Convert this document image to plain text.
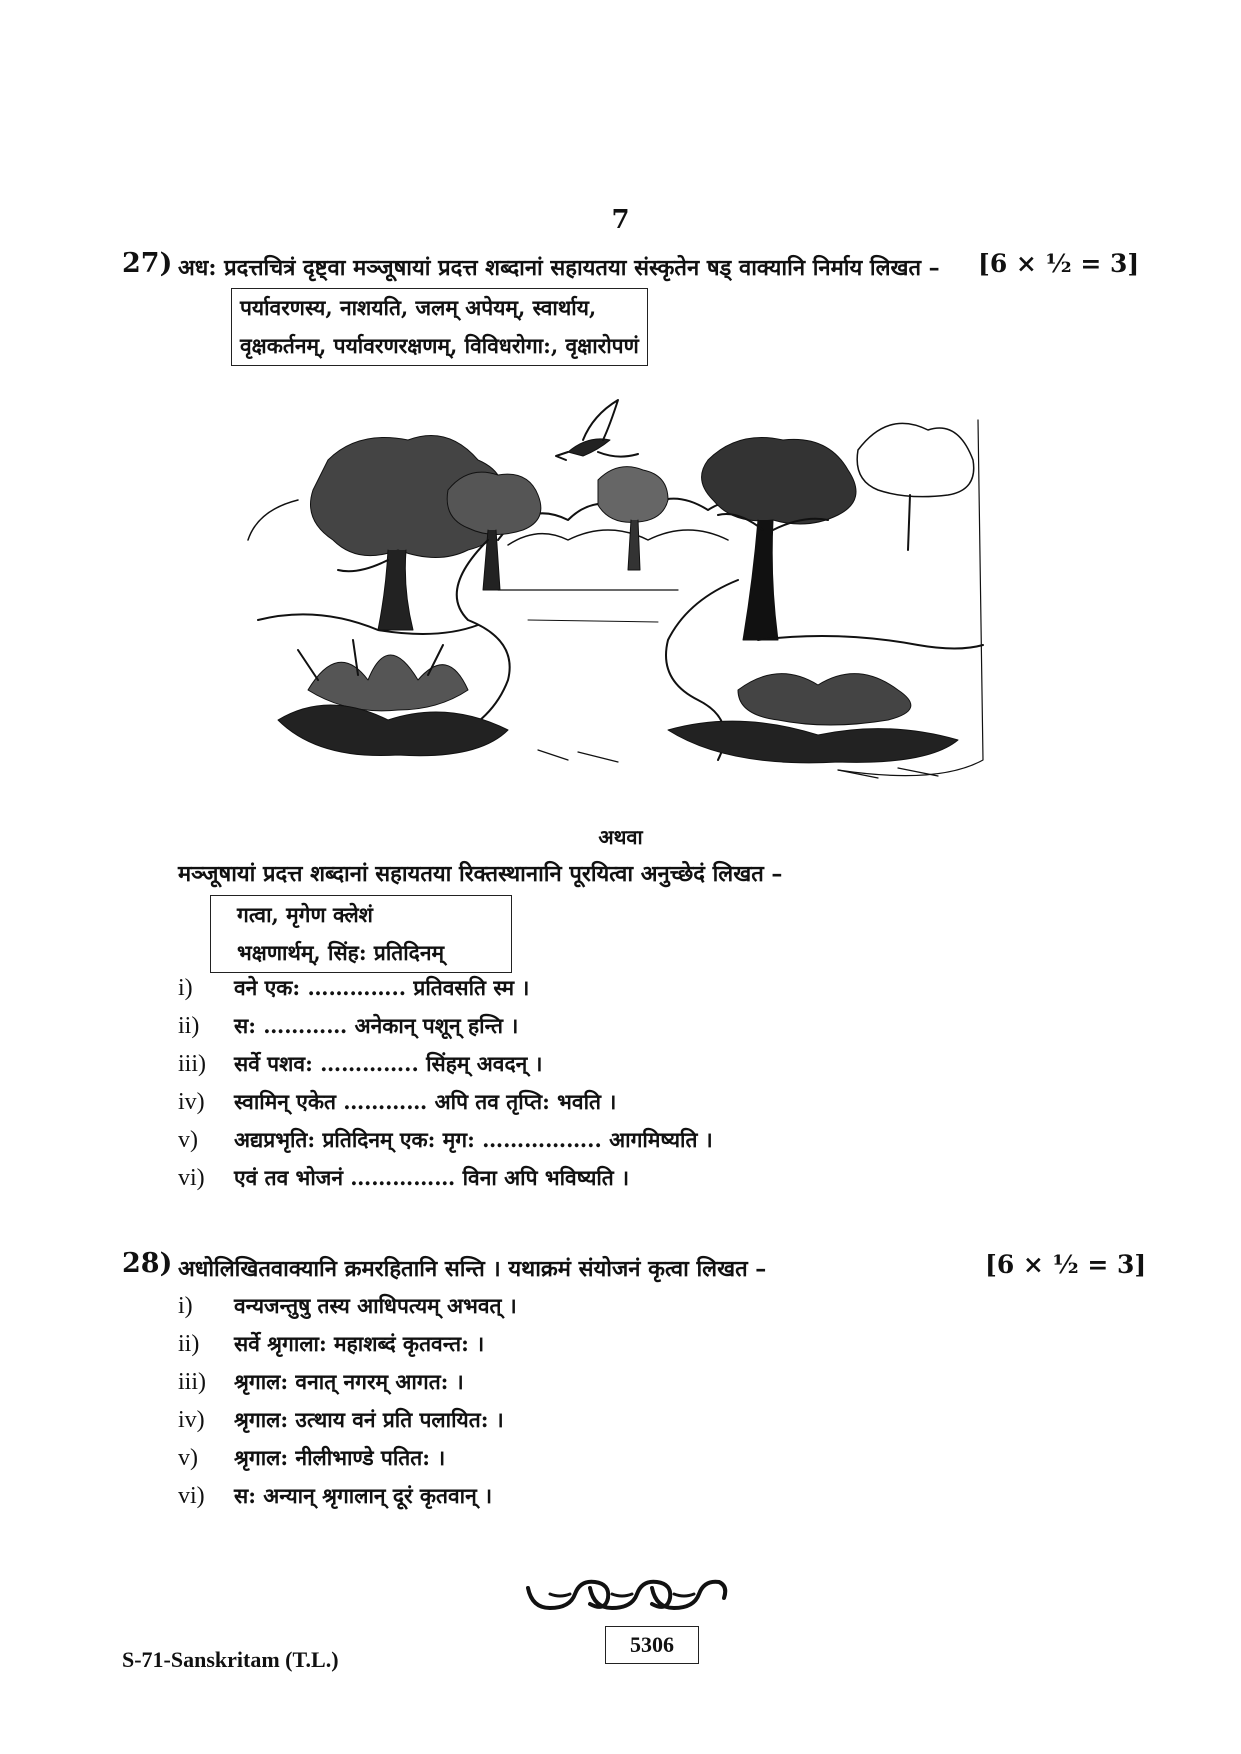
7
27) अध: प्रदत्तचित्रं दृष्ट्वा मञ्जूषायां प्रदत्त शब्दानां सहायतया संस्कृतेन षड् वाक्यानि निर्माय लिखत – [6 × ½ = 3]
पर्यावरणस्य, नाशयति, जलम् अपेयम्, स्वार्थाय,
वृक्षकर्तनम्, पर्यावरणरक्षणम्, विविधरोगा:, वृक्षारोपणं
अथवा
मञ्जूषायां प्रदत्त शब्दानां सहायतया रिक्तस्थानानि पूरयित्वा अनुच्छेदं लिखत –
गत्वा, मृगेण क्लेशं
भक्षणार्थम्, सिंह: प्रतिदिनम्
i) वने एक: ………….. प्रतिवसति स्म ।
ii) स: ………… अनेकान् पशून् हन्ति ।
iii) सर्वे पशव: ………….. सिंहम् अवदन् ।
iv) स्वामिन् एकेत ………… अपि तव तृप्ति: भवति ।
v) अद्यप्रभृति: प्रतिदिनम् एक: मृग: …………….. आगमिष्यति ।
vi) एवं तव भोजनं …………… विना अपि भविष्यति ।
28) अधोलिखितवाक्यानि क्रमरहितानि सन्ति । यथाक्रमं संयोजनं कृत्वा लिखत –	[6 × ½ = 3]
i) वन्यजन्तुषु तस्य आधिपत्यम् अभवत् ।
ii) सर्वे श्रृगाला: महाशब्दं कृतवन्त: ।
iii) श्रृगाल: वनात् नगरम् आगत: ।
iv) श्रृगाल: उत्थाय वनं प्रति पलायित: ।
v) श्रृगाल: नीलीभाण्डे पतित: ।
vi) स: अन्यान् श्रृगालान् दूरं कृतवान् ।
S-71-Sanskritam (T.L.)
5306
